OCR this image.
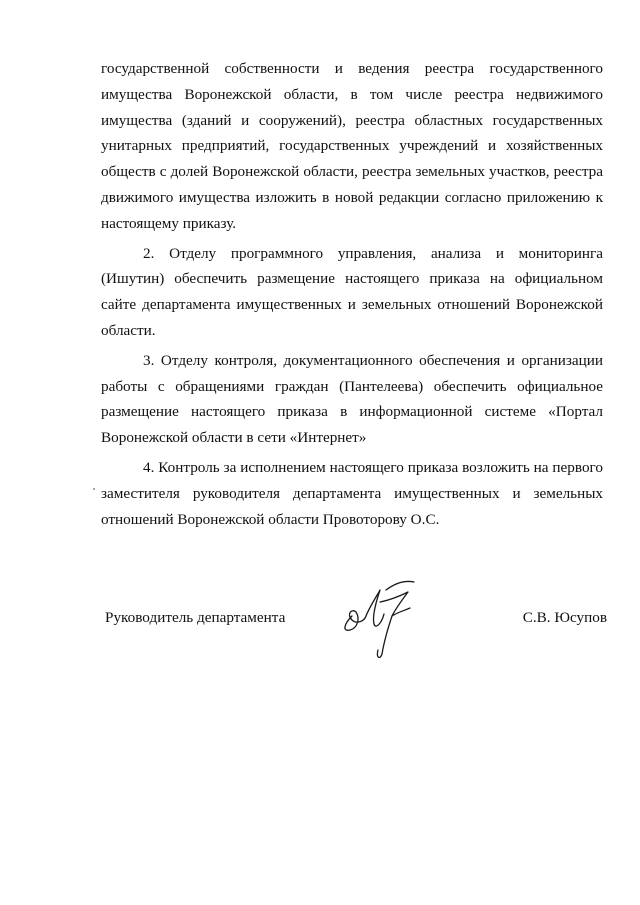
государственной собственности и ведения реестра государственного имущества Воронежской области, в том числе реестра недвижимого имущества (зданий и сооружений), реестра областных государственных унитарных предприятий, государственных учреждений и хозяйственных обществ с долей Воронежской области, реестра земельных участков, реестра движимого имущества изложить в новой редакции согласно приложению к настоящему приказу.

2. Отделу программного управления, анализа и мониторинга (Ишутин) обеспечить размещение настоящего приказа на официальном сайте департамента имущественных и земельных отношений Воронежской области.

3. Отделу контроля, документационного обеспечения и организации работы с обращениями граждан (Пантелеева) обеспечить официальное размещение настоящего приказа в информационной системе «Портал Воронежской области в сети «Интернет»

4. Контроль за исполнением настоящего приказа возложить на первого заместителя руководителя департамента имущественных и земельных отношений Воронежской области Провоторову О.С.

Руководитель департамента	С.В. Юсупов
